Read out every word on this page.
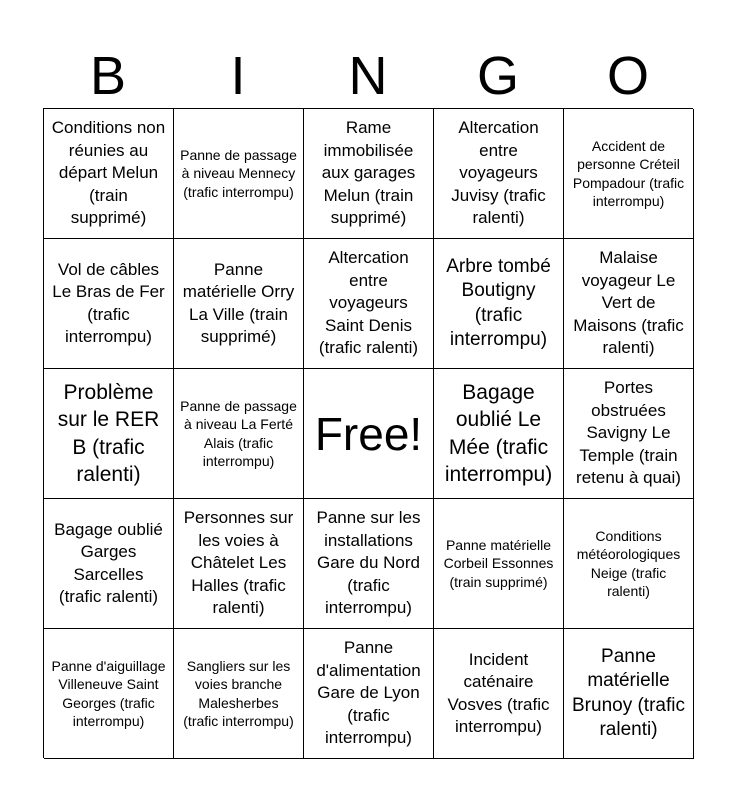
B	I	N	G	O
Conditions non réunies au départ Melun (train supprimé)
Panne de passage à niveau Mennecy (trafic interrompu)
Rame immobilisée aux garages Melun (train supprimé)
Altercation entre voyageurs Juvisy (trafic ralenti)
Accident de personne Créteil Pompadour (trafic interrompu)
Vol de câbles Le Bras de Fer (trafic interrompu)
Panne matérielle Orry La Ville (train supprimé)
Altercation entre voyageurs Saint Denis (trafic ralenti)
Arbre tombé Boutigny (trafic interrompu)
Malaise voyageur Le Vert de Maisons (trafic ralenti)
Problème sur le RER B (trafic ralenti)
Panne de passage à niveau La Ferté Alais (trafic interrompu)
Free!
Bagage oublié Le Mée (trafic interrompu)
Portes obstruées Savigny Le Temple (train retenu à quai)
Bagage oublié Garges Sarcelles (trafic ralenti)
Personnes sur les voies à Châtelet Les Halles (trafic ralenti)
Panne sur les installations Gare du Nord (trafic interrompu)
Panne matérielle Corbeil Essonnes (train supprimé)
Conditions météorologiques Neige (trafic ralenti)
Panne d'aiguillage Villeneuve Saint Georges (trafic interrompu)
Sangliers sur les voies branche Malesherbes (trafic interrompu)
Panne d'alimentation Gare de Lyon (trafic interrompu)
Incident caténaire Vosves (trafic interrompu)
Panne matérielle Brunoy (trafic ralenti)
